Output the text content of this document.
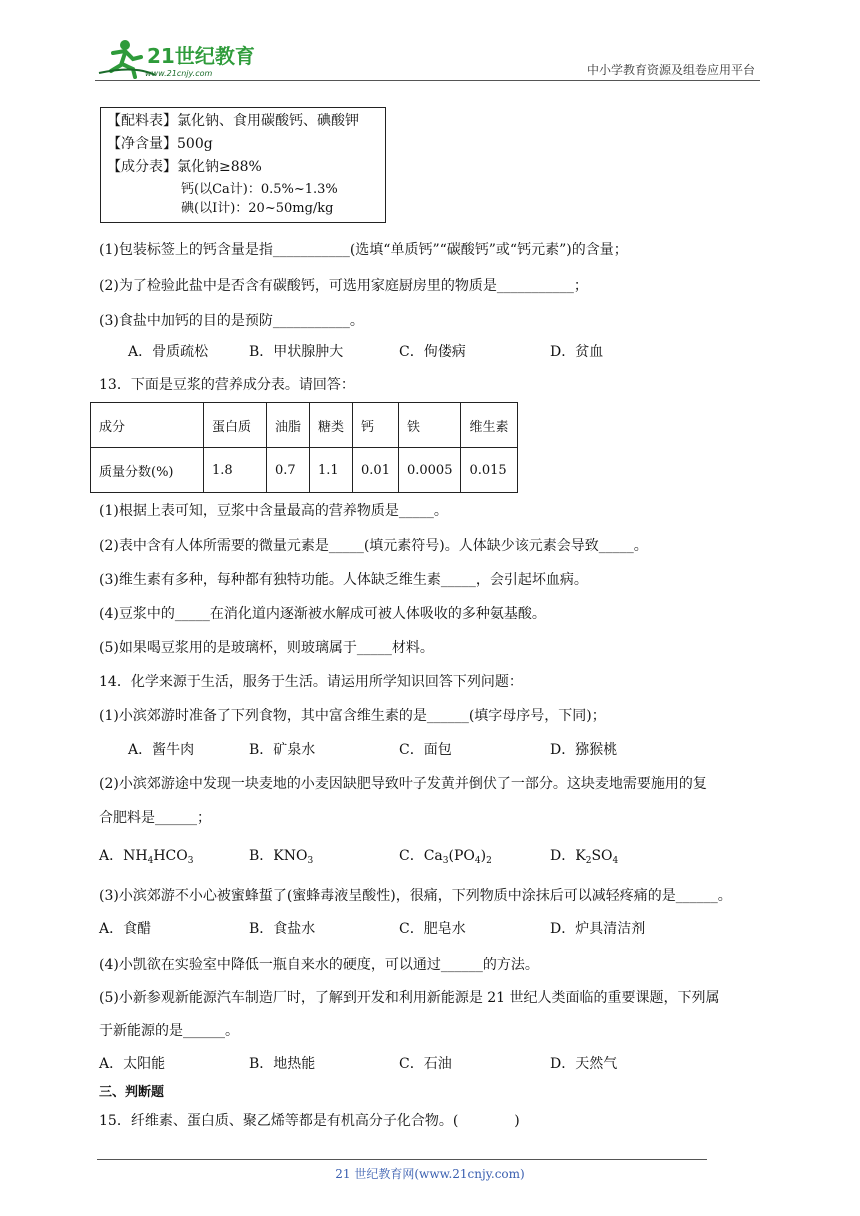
21世纪教育
www.21cnjy.com	中小学教育资源及组卷应用平台
【配料表】氯化钠、食用碳酸钙、碘酸钾
【净含量】500g
【成分表】氯化钠≥88%
钙(以Ca计)：0.5%~1.3%
碘(以I计)：20~50mg/kg
(1)包装标签上的钙含量是指___________(选填“单质钙”“碳酸钙”或“钙元素”)的含量；
(2)为了检验此盐中是否含有碳酸钙，可选用家庭厨房里的物质是___________；
(3)食盐中加钙的目的是预防___________。
A．骨质疏松	B．甲状腺肿大	C．佝偻病	D．贫血
13．下面是豆浆的营养成分表。请回答：
成分	蛋白质	油脂	糖类	钙	铁	维生素
质量分数(%)	1.8	0.7	1.1	0.01	0.0005	0.015
(1)根据上表可知，豆浆中含量最高的营养物质是_____。
(2)表中含有人体所需要的微量元素是_____(填元素符号)。人体缺少该元素会导致_____。
(3)维生素有多种，每种都有独特功能。人体缺乏维生素_____，会引起坏血病。
(4)豆浆中的_____在消化道内逐渐被水解成可被人体吸收的多种氨基酸。
(5)如果喝豆浆用的是玻璃杯，则玻璃属于_____材料。
14．化学来源于生活，服务于生活。请运用所学知识回答下列问题：
(1)小滨郊游时准备了下列食物，其中富含维生素的是______(填字母序号，下同)；
A．酱牛肉	B．矿泉水	C．面包	D．猕猴桃
(2)小滨郊游途中发现一块麦地的小麦因缺肥导致叶子发黄并倒伏了一部分。这块麦地需要施用的复
合肥料是______；
A．$NH_4HCO_3$	B．$KNO_3$	C．$Ca_3(PO_4)_2$	D．$K_2SO_4$
(3)小滨郊游不小心被蜜蜂蜇了(蜜蜂毒液呈酸性)，很痛，下列物质中涂抹后可以减轻疼痛的是______。
A．食醋	B．食盐水	C．肥皂水	D．炉具清洁剂
(4)小凯欲在实验室中降低一瓶自来水的硬度，可以通过______的方法。
(5)小新参观新能源汽车制造厂时，了解到开发和利用新能源是 21 世纪人类面临的重要课题，下列属
于新能源的是______。
A．太阳能	B．地热能	C．石油	D．天然气
三、判断题
15．纤维素、蛋白质、聚乙烯等都是有机高分子化合物。(　　　　)
21 世纪教育网(www.21cnjy.com)
